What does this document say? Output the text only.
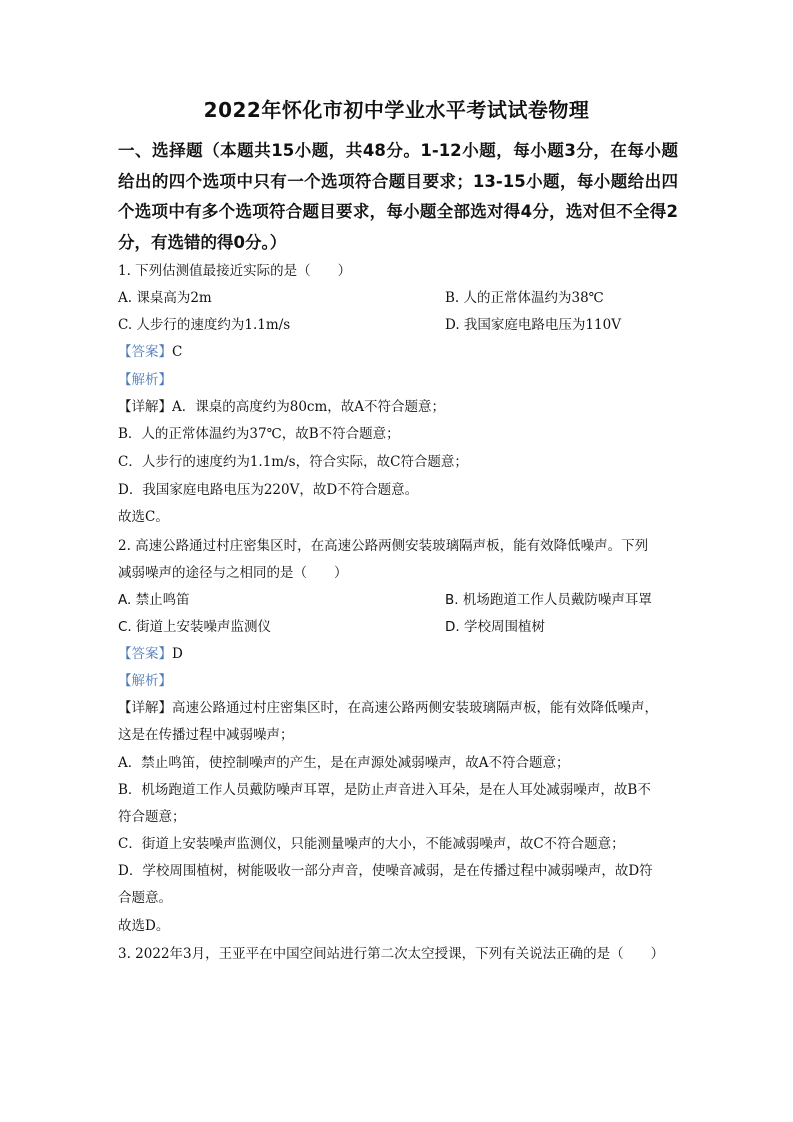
2022年怀化市初中学业水平考试试卷物理
一、选择题（本题共15小题，共48分。1-12小题，每小题3分，在每小题给出的四个选项中只有一个选项符合题目要求；13-15小题，每小题给出四个选项中有多个选项符合题目要求，每小题全部选对得4分，选对但不全得2分，有选错的得0分。）
1. 下列估测值最接近实际的是（　　）
A. 课桌高为2m	B. 人的正常体温约为38℃
C. 人步行的速度约为1.1m/s	D. 我国家庭电路电压为110V
【答案】C
【解析】
【详解】A．课桌的高度约为80cm，故A不符合题意；
B．人的正常体温约为37℃，故B不符合题意；
C．人步行的速度约为1.1m/s，符合实际，故C符合题意；
D．我国家庭电路电压为220V，故D不符合题意。
故选C。
2. 高速公路通过村庄密集区时，在高速公路两侧安装玻璃隔声板，能有效降低噪声。下列
减弱噪声的途径与之相同的是（　　）
A. 禁止鸣笛	B. 机场跑道工作人员戴防噪声耳罩
C. 街道上安装噪声监测仪	D. 学校周围植树
【答案】D
【解析】
【详解】高速公路通过村庄密集区时，在高速公路两侧安装玻璃隔声板，能有效降低噪声，
这是在传播过程中减弱噪声；
A．禁止鸣笛，使控制噪声的产生，是在声源处减弱噪声，故A不符合题意；
B．机场跑道工作人员戴防噪声耳罩，是防止声音进入耳朵，是在人耳处减弱噪声，故B不
符合题意；
C．街道上安装噪声监测仪，只能测量噪声的大小，不能减弱噪声，故C不符合题意；
D．学校周围植树，树能吸收一部分声音，使噪音减弱，是在传播过程中减弱噪声，故D符
合题意。
故选D。
3. 2022年3月，王亚平在中国空间站进行第二次太空授课，下列有关说法正确的是（　　）
